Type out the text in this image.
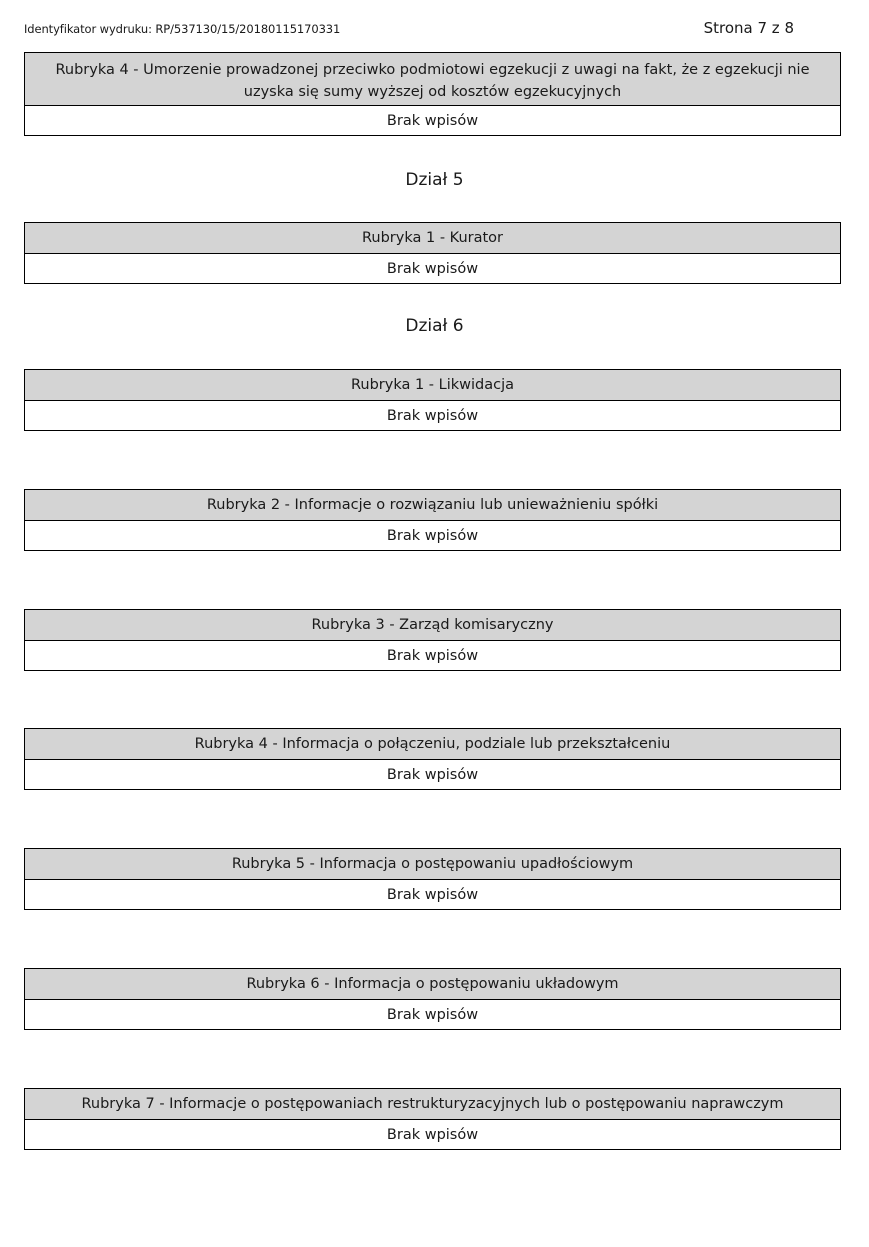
Identyfikator wydruku: RP/537130/15/20180115170331	Strona 7 z 8
Rubryka 4 - Umorzenie prowadzonej przeciwko podmiotowi egzekucji z uwagi na fakt, że z egzekucji nie uzyska się sumy wyższej od kosztów egzekucyjnych
Brak wpisów
Dział 5
Rubryka 1 - Kurator
Brak wpisów
Dział 6
Rubryka 1 - Likwidacja
Brak wpisów
Rubryka 2 - Informacje o rozwiązaniu lub unieważnieniu spółki
Brak wpisów
Rubryka 3 - Zarząd komisaryczny
Brak wpisów
Rubryka 4 - Informacja o połączeniu, podziale lub przekształceniu
Brak wpisów
Rubryka 5 - Informacja o postępowaniu upadłościowym
Brak wpisów
Rubryka 6 - Informacja o postępowaniu układowym
Brak wpisów
Rubryka 7 - Informacje o postępowaniach restrukturyzacyjnych lub o postępowaniu naprawczym
Brak wpisów
